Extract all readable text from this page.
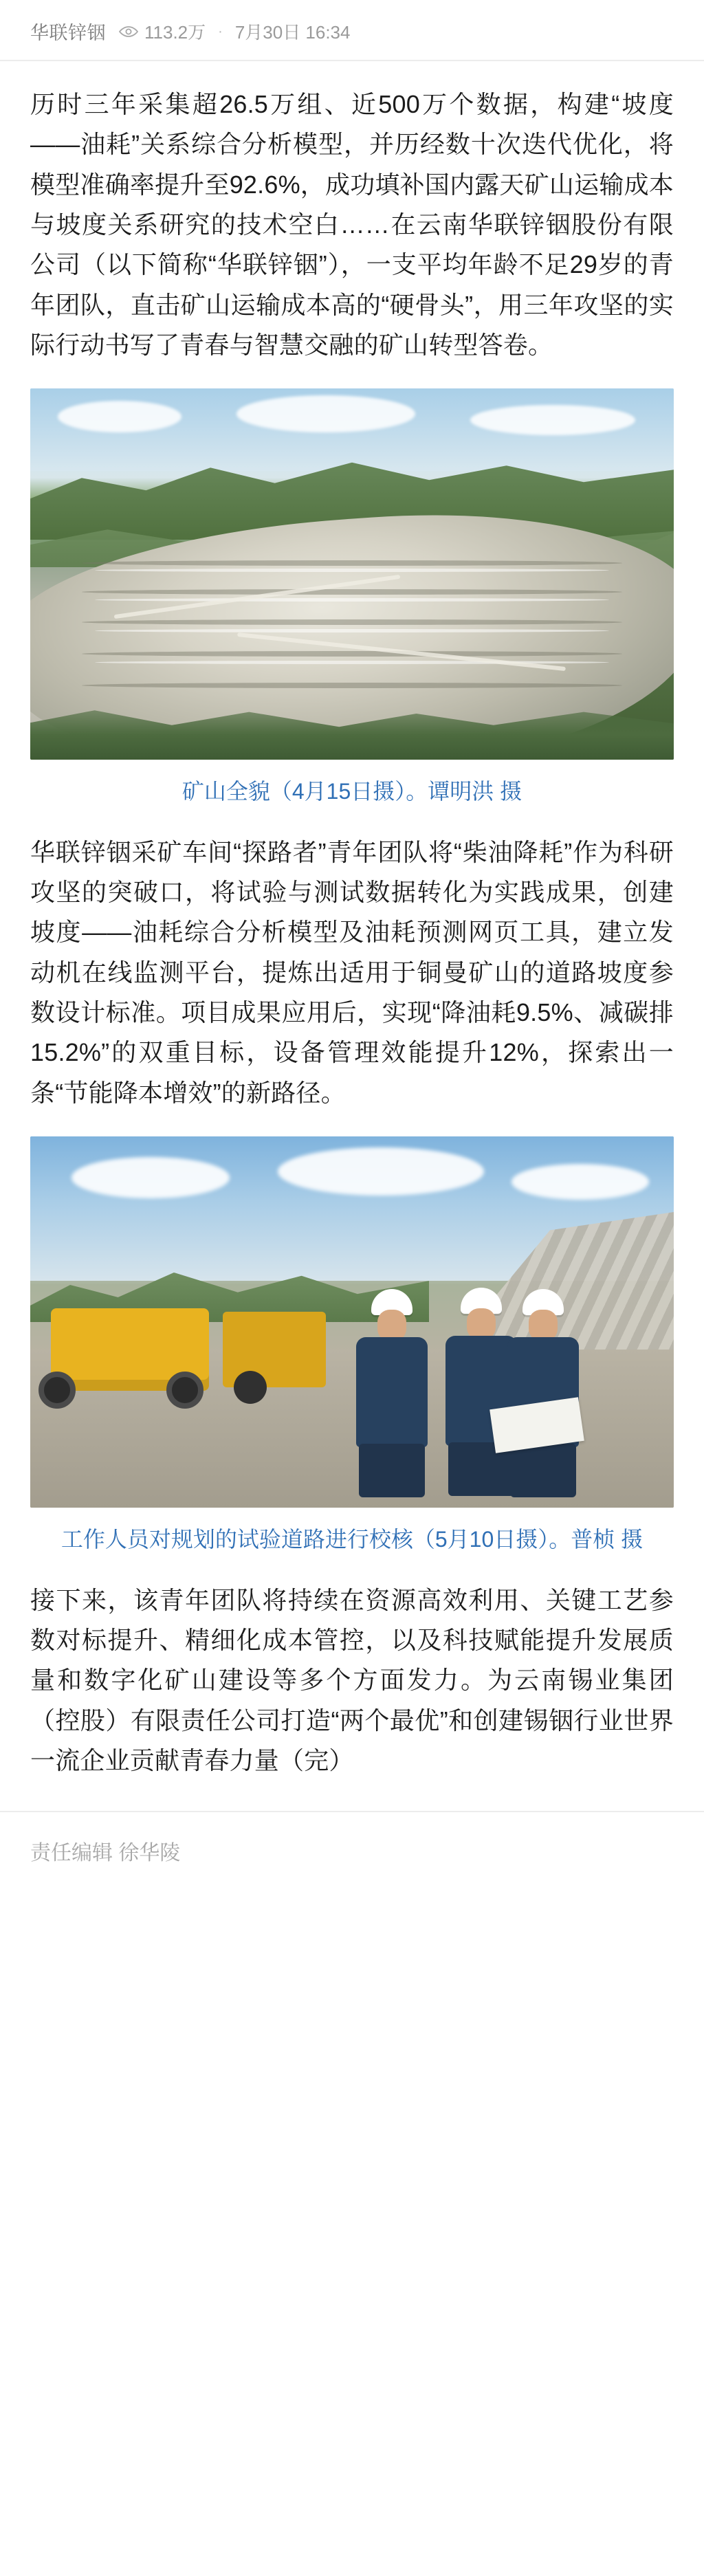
华联锌铟 113.2万 · 7月30日 16:34

历时三年采集超26.5万组、近500万个数据，构建“坡度——油耗”关系综合分析模型，并历经数十次迭代优化，将模型准确率提升至92.6%，成功填补国内露天矿山运输成本与坡度关系研究的技术空白……在云南华联锌铟股份有限公司（以下简称“华联锌铟”），一支平均年龄不足29岁的青年团队，直击矿山运输成本高的“硬骨头”，用三年攻坚的实际行动书写了青春与智慧交融的矿山转型答卷。

矿山全貌（4月15日摄）。谭明洪 摄

华联锌铟采矿车间“探路者”青年团队将“柴油降耗”作为科研攻坚的突破口，将试验与测试数据转化为实践成果，创建坡度——油耗综合分析模型及油耗预测网页工具，建立发动机在线监测平台，提炼出适用于铜曼矿山的道路坡度参数设计标准。项目成果应用后，实现“降油耗9.5%、减碳排15.2%”的双重目标，设备管理效能提升12%，探索出一条“节能降本增效”的新路径。

工作人员对规划的试验道路进行校核（5月10日摄）。普桢 摄

接下来，该青年团队将持续在资源高效利用、关键工艺参数对标提升、精细化成本管控，以及科技赋能提升发展质量和数字化矿山建设等多个方面发力。为云南锡业集团（控股）有限责任公司打造“两个最优”和创建锡铟行业世界一流企业贡献青春力量（完）

责任编辑 徐华陵
